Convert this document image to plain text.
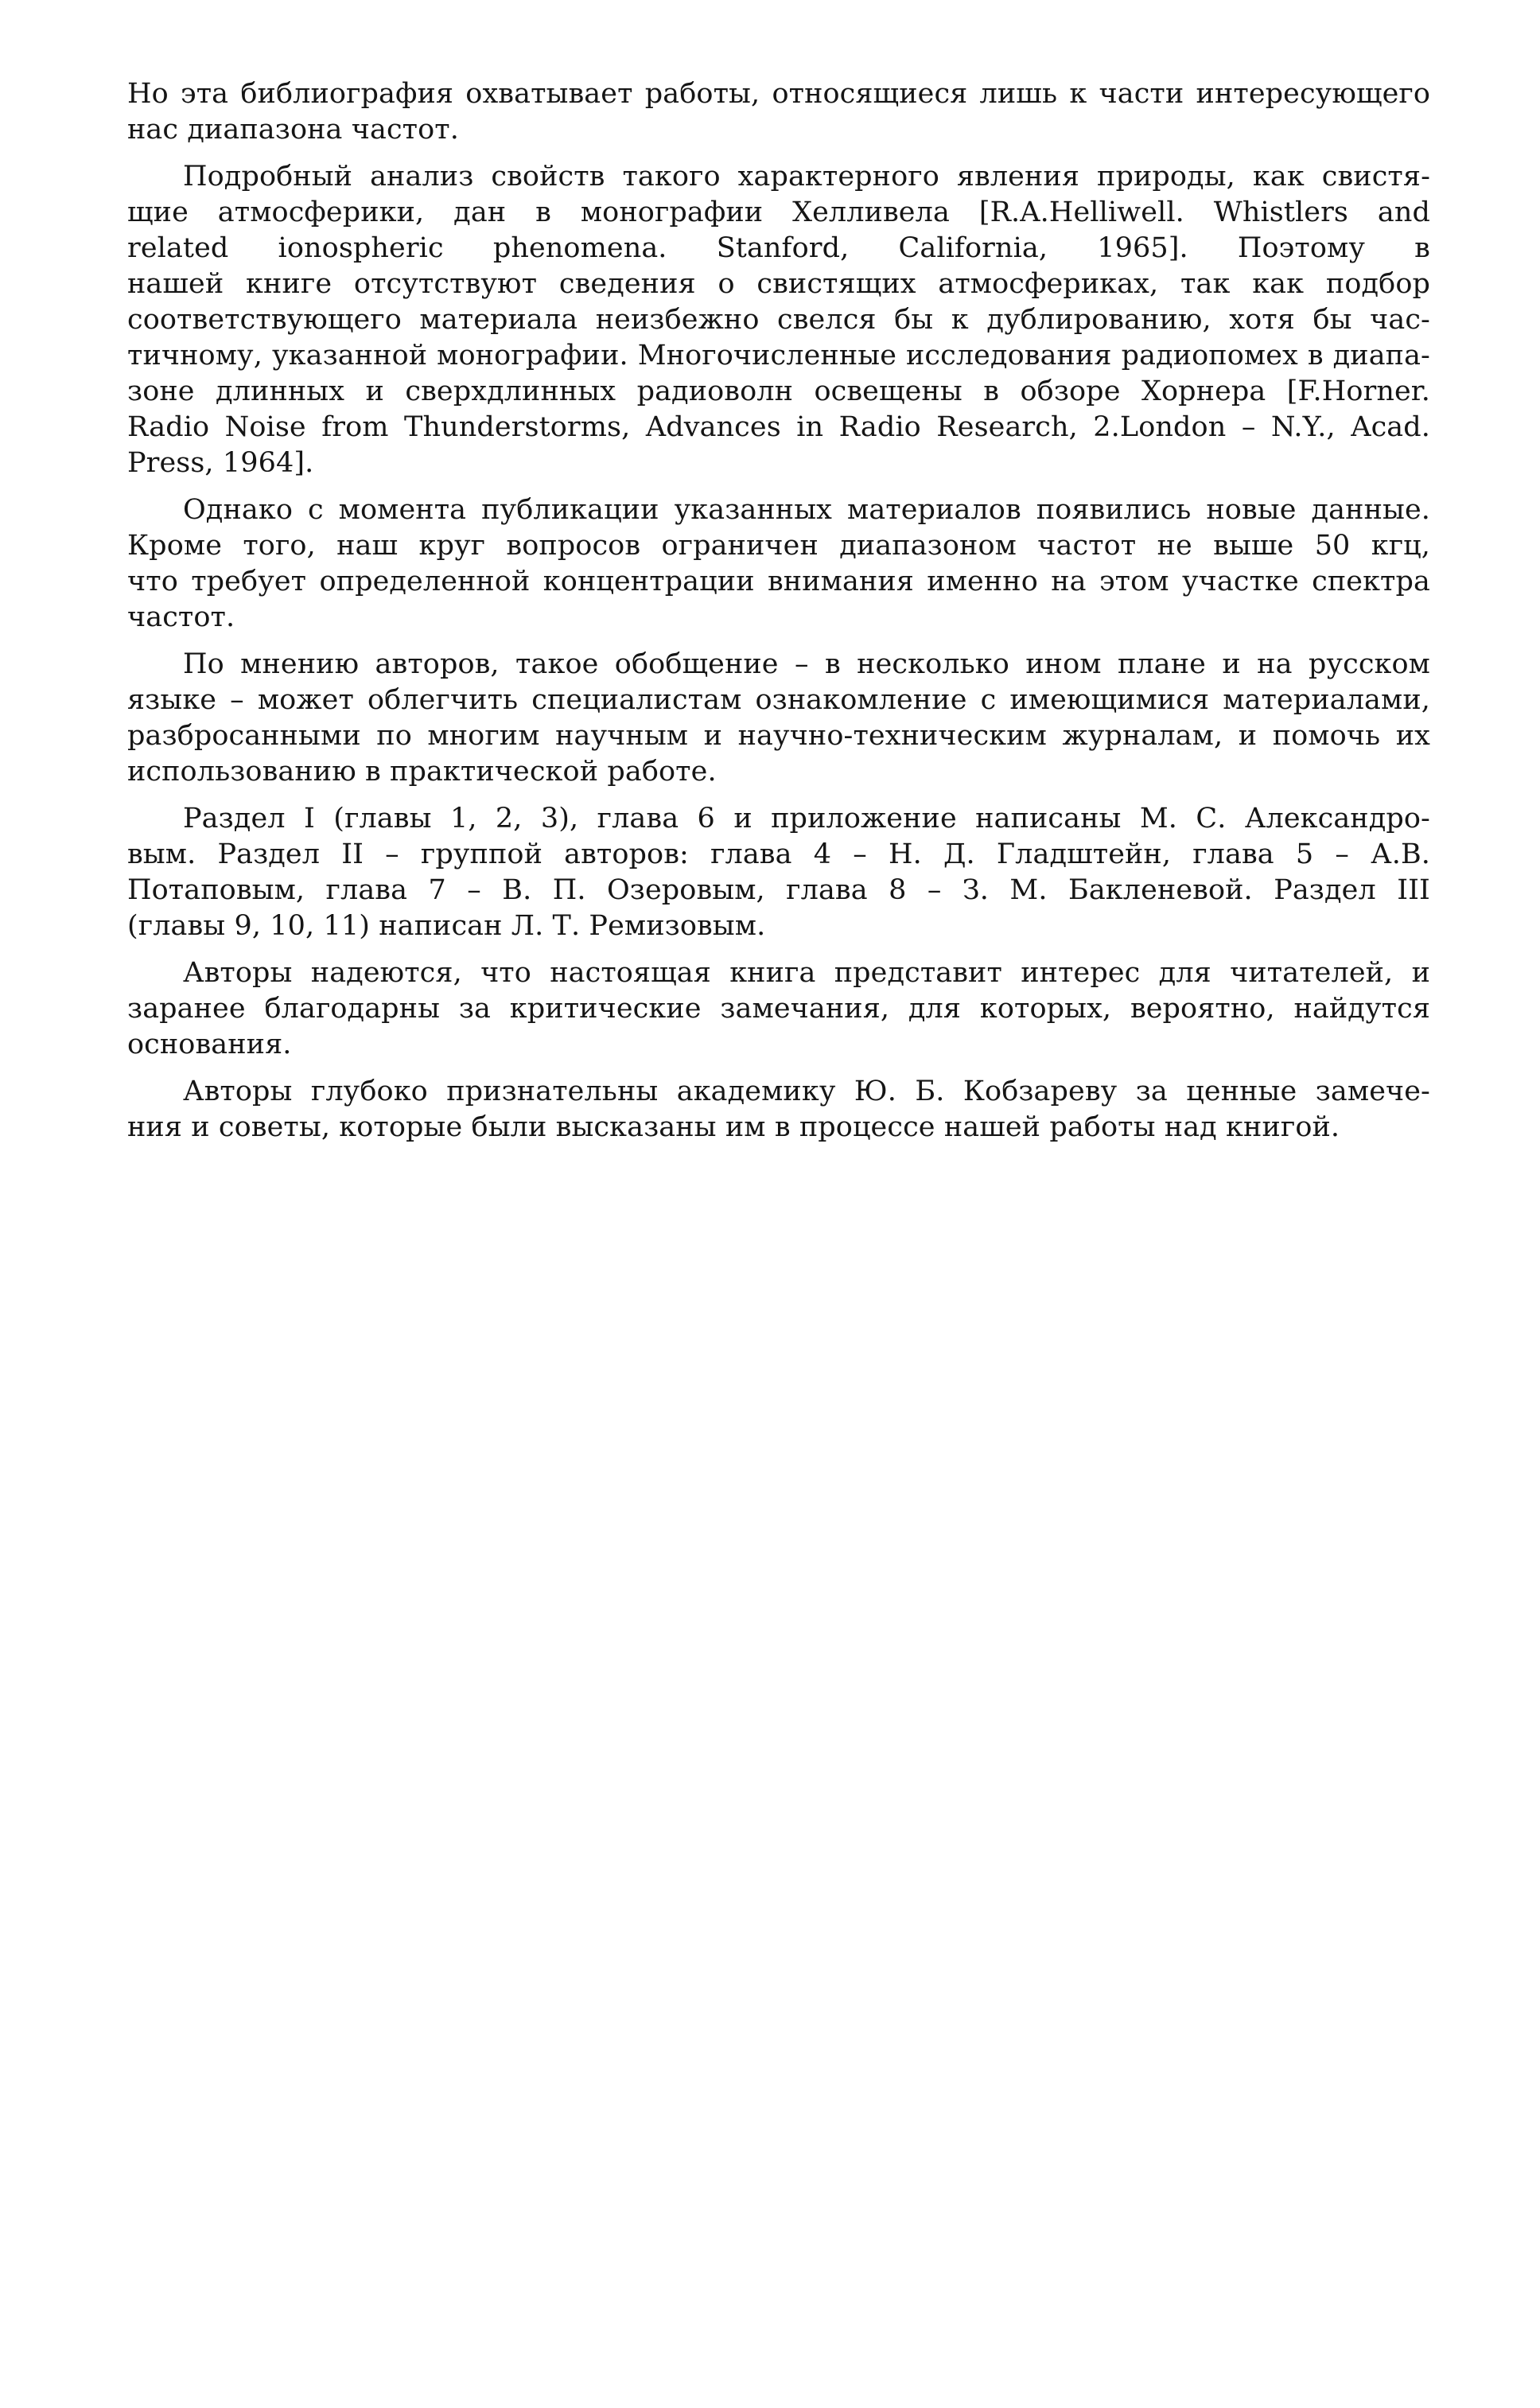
Но эта библиография охватывает работы, относящиеся лишь к части интересующего
нас диапазона частот.

Подробный анализ свойств такого характерного явления природы, как свистя-
щие атмосферики, дан в монографии Хелливела [R.A.Helliwell. Whistlers and
related ionospheric phenomena. Stanford, California, 1965]. Поэтому в
нашей книге отсутствуют сведения о свистящих атмосфериках, так как подбор
соответствующего материала неизбежно свелся бы к дублированию, хотя бы час-
тичному, указанной монографии. Многочисленные исследования радиопомех в диапа-
зоне длинных и сверхдлинных радиоволн освещены в обзоре Хорнера [F.Horner.
Radio Noise from Thunderstorms, Advances in Radio Research, 2.London – N.Y., Acad.
Press, 1964].

Однако с момента публикации указанных материалов появились новые данные.
Кроме того, наш круг вопросов ограничен диапазоном частот не выше 50 кгц,
что требует определенной концентрации внимания именно на этом участке спектра
частот.

По мнению авторов, такое обобщение – в несколько ином плане и на русском
языке – может облегчить специалистам ознакомление с имеющимися материалами,
разбросанными по многим научным и научно-техническим журналам, и помочь их
использованию в практической работе.

Раздел I (главы 1, 2, 3), глава 6 и приложение написаны М. С. Александро-
вым. Раздел II – группой авторов: глава 4 – Н. Д. Гладштейн, глава 5 – А.В.
Потаповым, глава 7 – В. П. Озеровым, глава 8 – З. М. Бакленевой. Раздел III
(главы 9, 10, 11) написан Л. Т. Ремизовым.

Авторы надеются, что настоящая книга представит интерес для читателей, и
заранее благодарны за критические замечания, для которых, вероятно, найдутся
основания.

Авторы глубоко признательны академику Ю. Б. Кобзареву за ценные замече-
ния и советы, которые были высказаны им в процессе нашей работы над книгой.
